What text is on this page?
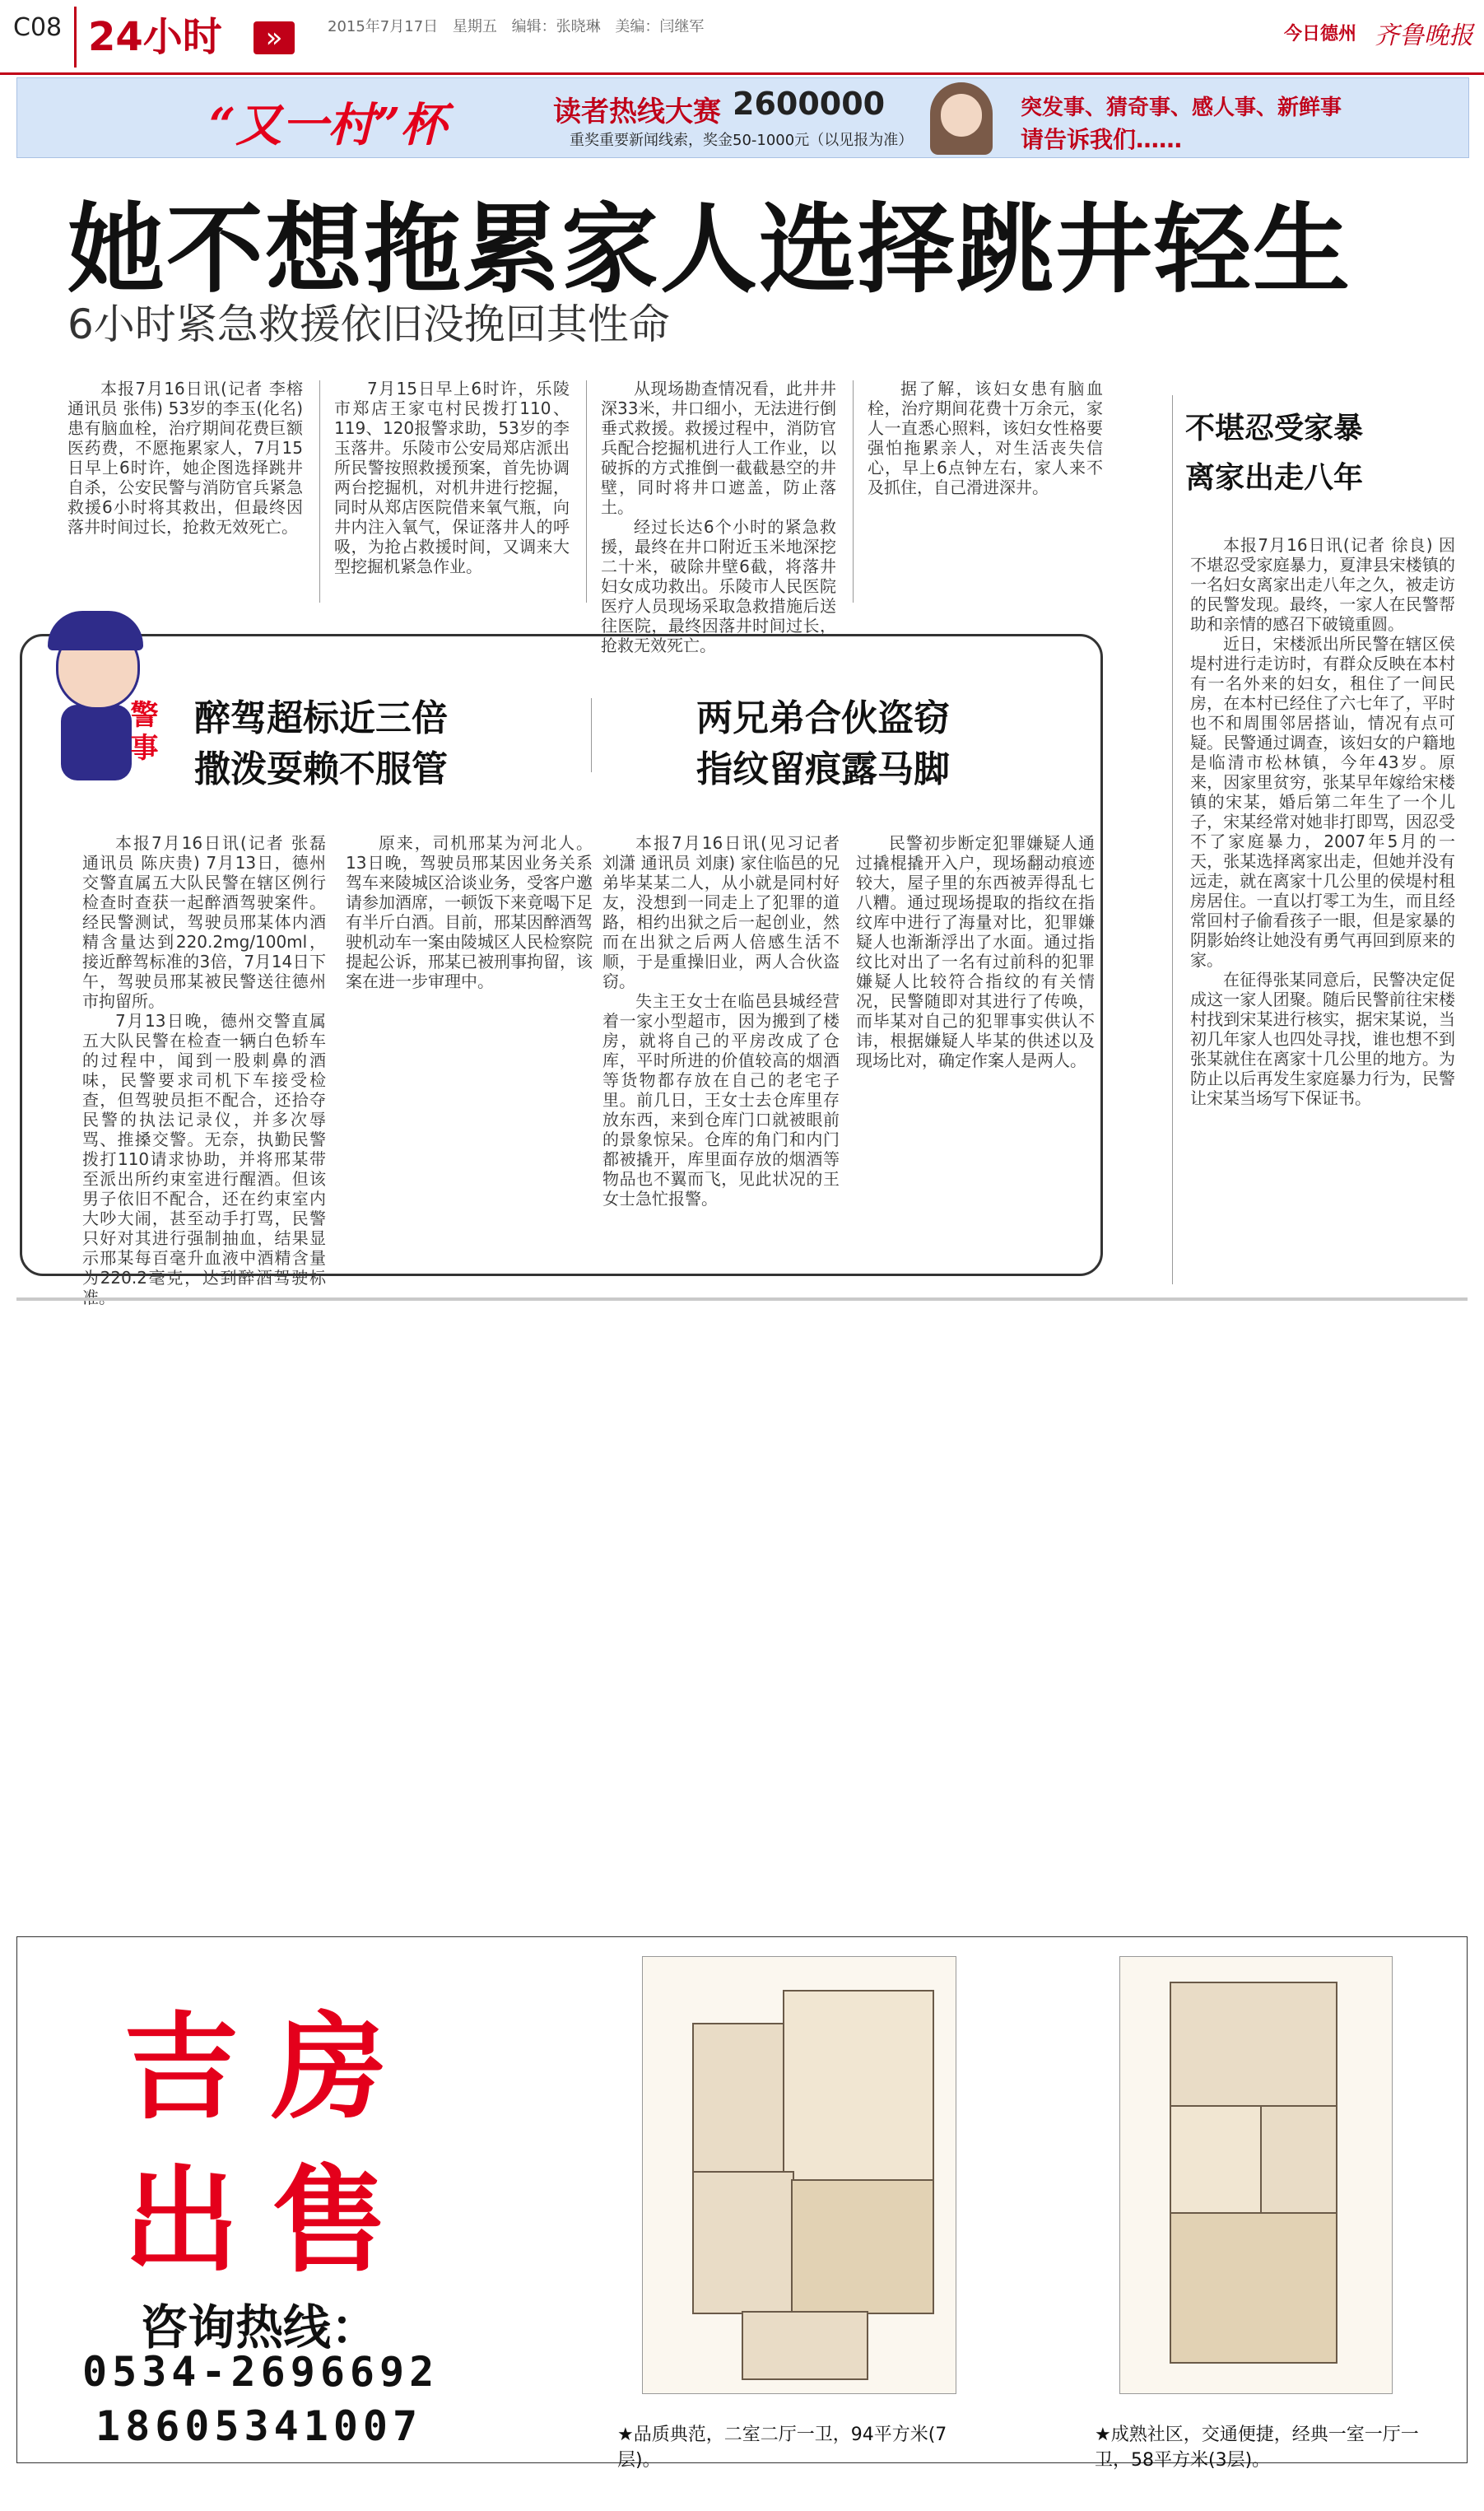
C08 24小时	»	2015年7月17日 星期五 编辑：张晓琳 美编：闫继军	今日德州 齐鲁晚报
“又一村”杯	读者热线大赛 2600000
重奖重要新闻线索，奖金50-1000元（以见报为准）
突发事、猜奇事、感人事、新鲜事
请告诉我们……
她不想拖累家人选择跳井轻生
6小时紧急救援依旧没挽回其性命

本报7月16日讯(记者 李榕 通讯员 张伟) 53岁的李玉(化名)患有脑血栓，治疗期间花费巨额医药费，不愿拖累家人，7月15日早上6时许，她企图选择跳井自杀，公安民警与消防官兵紧急救援6小时将其救出，但最终因落井时间过长，抢救无效死亡。

7月15日早上6时许，乐陵市郑店王家屯村民拨打110、119、120报警求助，53岁的李玉落井。乐陵市公安局郑店派出所民警按照救援预案，首先协调两台挖掘机，对机井进行挖掘，同时从郑店医院借来氧气瓶，向井内注入氧气，保证落井人的呼吸，为抢占救援时间，又调来大型挖掘机紧急作业。

从现场勘查情况看，此井井深33米，井口细小，无法进行倒垂式救援。救援过程中，消防官兵配合挖掘机进行人工作业，以破拆的方式推倒一截截悬空的井壁，同时将井口遮盖，防止落土。

经过长达6个小时的紧急救援，最终在井口附近玉米地深挖二十米，破除井壁6截，将落井妇女成功救出。乐陵市人民医院医疗人员现场采取急救措施后送往医院，最终因落井时间过长，抢救无效死亡。

据了解，该妇女患有脑血栓，治疗期间花费十万余元，家人一直悉心照料，该妇女性格要强怕拖累亲人，对生活丧失信心，早上6点钟左右，家人来不及抓住，自己滑进深井。

不堪忍受家暴
离家出走八年

本报7月16日讯(记者 徐良) 因不堪忍受家庭暴力，夏津县宋楼镇的一名妇女离家出走八年之久，被走访的民警发现。最终，一家人在民警帮助和亲情的感召下破镜重圆。

近日，宋楼派出所民警在辖区侯堤村进行走访时，有群众反映在本村有一名外来的妇女，租住了一间民房，在本村已经住了六七年了，平时也不和周围邻居搭讪，情况有点可疑。民警通过调查，该妇女的户籍地是临清市松林镇，今年43岁。原来，因家里贫穷，张某早年嫁给宋楼镇的宋某，婚后第二年生了一个儿子，宋某经常对她非打即骂，因忍受不了家庭暴力，2007年5月的一天，张某选择离家出走，但她并没有远走，就在离家十几公里的侯堤村租房居住。一直以打零工为生，而且经常回村子偷看孩子一眼，但是家暴的阴影始终让她没有勇气再回到原来的家。

在征得张某同意后，民警决定促成这一家人团聚。随后民警前往宋楼村找到宋某进行核实，据宋某说，当初几年家人也四处寻找，谁也想不到张某就住在离家十几公里的地方。为防止以后再发生家庭暴力行为，民警让宋某当场写下保证书。

警事 醉驾超标近三倍
撒泼耍赖不服管
两兄弟合伙盗窃
指纹留痕露马脚

本报7月16日讯(记者 张磊 通讯员 陈庆贵) 7月13日，德州交警直属五大队民警在辖区例行检查时查获一起醉酒驾驶案件。经民警测试，驾驶员邢某体内酒精含量达到220.2mg/100ml，接近醉驾标准的3倍，7月14日下午，驾驶员邢某被民警送往德州市拘留所。

7月13日晚，德州交警直属五大队民警在检查一辆白色轿车的过程中，闻到一股刺鼻的酒味，民警要求司机下车接受检查，但驾驶员拒不配合，还拾夺民警的执法记录仪，并多次辱骂、推搡交警。无奈，执勤民警拨打110请求协助，并将邢某带至派出所约束室进行醒酒。但该男子依旧不配合，还在约束室内大吵大闹，甚至动手打骂，民警只好对其进行强制抽血，结果显示邢某每百毫升血液中酒精含量为220.2毫克，达到醉酒驾驶标

原来，司机邢某为河北人。13日晚，驾驶员邢某因业务关系驾车来陵城区洽谈业务，受客户邀请参加酒席，一顿饭下来竟喝下足有半斤白酒。目前，邢某因醉酒驾驶机动车一案由陵城区人民检察院提起公诉，邢某已被刑事拘留，该案在进一步审理中。

本报7月16日讯(见习记者 刘潇 通讯员 刘康) 家住临邑的兄弟毕某某二人，从小就是同村好友，没想到一同走上了犯罪的道路，相约出狱之后一起创业，然而在出狱之后两人倍感生活不顺，于是重操旧业，两人合伙盗窃。

失主王女士在临邑县城经营着一家小型超市，因为搬到了楼房，就将自己的平房改成了仓库，平时所进的价值较高的烟酒等货物都存放在自己的老宅子里。前几日，王女士去仓库里存放东西，来到仓库门口就被眼前的景象惊呆。仓库的角门和内门都被撬开，库里面存放的烟酒等物品也不翼而飞，见此状况的王女士急忙报警。

民警初步断定犯罪嫌疑人通过撬棍撬开入户，现场翻动痕迹较大，屋子里的东西被弄得乱七八糟。通过现场提取的指纹在指纹库中进行了海量对比，犯罪嫌疑人也渐渐浮出了水面。通过指纹比对出了一名有过前科的犯罪嫌疑人比较符合指纹的有关情况，民警随即对其进行了传唤，而毕某对自己的犯罪事实供认不讳，根据嫌疑人毕某的供述以及现场比对，确定作案人是两人。

吉房
出售
咨询热线：
0534-2696692
18605341007	★品质典范，二室二厅一卫，94平方米(7层)。
★成熟社区，交通便捷，经典一室一厅一卫，58平方米(3层)。
